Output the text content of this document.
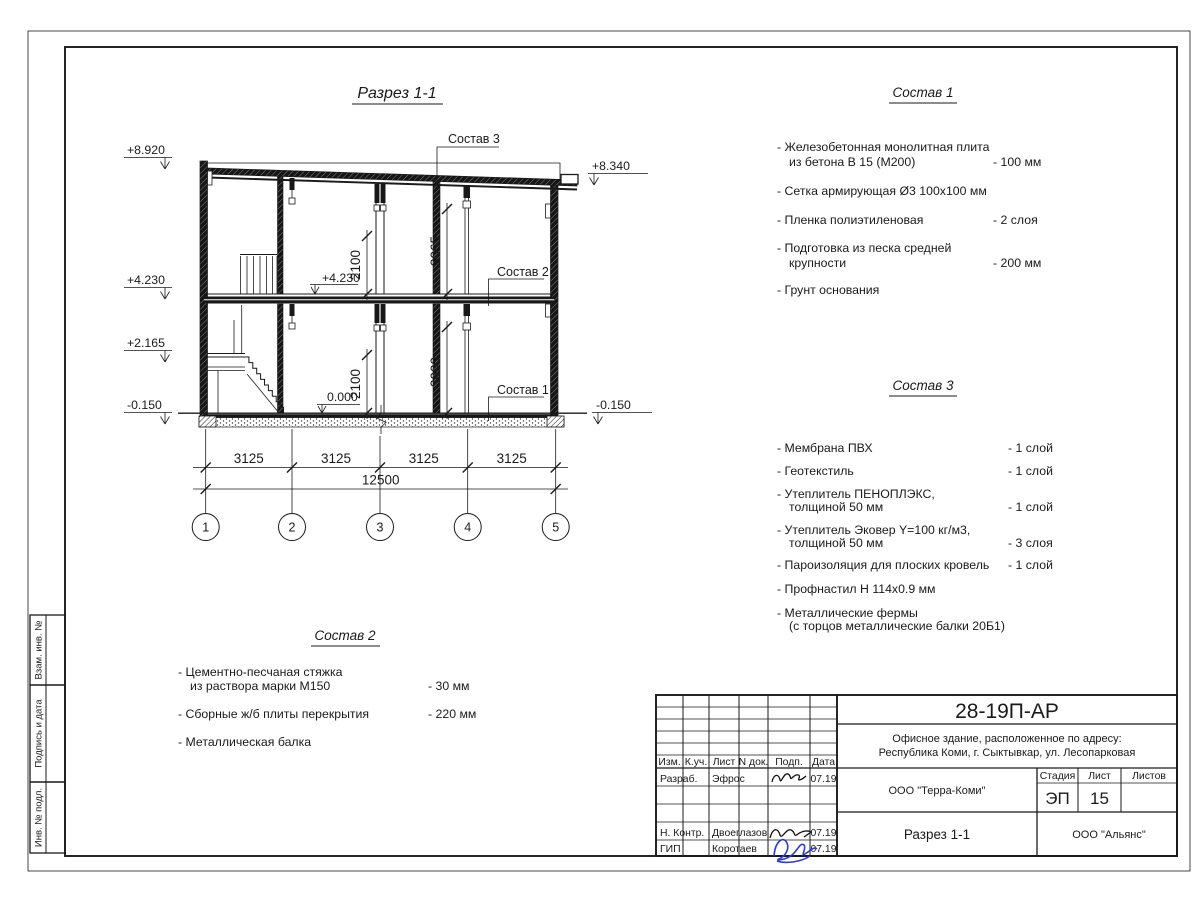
Взам. инв. №
Подпись и дата
Инв. № подл.
Разрез 1-1
2100	3065
2100	3000
+8.920
+4.230
+2.165
-0.150
+8.340
-0.150
+4.230
0.000
Состав 3
Состав 2
Состав 1
3125	3125	3125	3125
12500
1	2	3	4	5
Состав 1
- Железобетонная монолитная плита
из бетона В 15 (М200)	- 100 мм
- Сетка армирующая Ø3 100х100 мм
- Пленка полиэтиленовая	- 2 слоя
- Подготовка из песка средней
крупности	- 200 мм
- Грунт основания
Состав 3
- Мембрана ПВХ	- 1 слой
- Геотекстиль	- 1 слой
- Утеплитель ПЕНОПЛЭКС,
толщиной 50 мм	- 1 слой
- Утеплитель Эковер Y=100 кг/м3,
толщиной 50 мм	- 3 слоя
- Пароизоляция для плоских кровель - 1 слой
- Профнастил Н 114х0.9 мм
- Металлические фермы
(с торцов металлические балки 20Б1)
Состав 2
- Цементно-песчаная стяжка
из раствора марки М150	- 30 мм
- Сборные ж/б плиты перекрытия	- 220 мм
- Металлическая балка
Изм. К.уч. Лист N док. Подп. Дата
Разраб. Эфрос	07.19
Н. Контр. Двоеглазов	07.19
ГИП	Коротаев	07.19
28-19П-АР
Офисное здание, расположенное по адресу:
Республика Коми, г. Сыктывкар, ул. Лесопарковая
ООО "Терра-Коми"
Стадия Лист Листов
ЭП 15
Разрез 1-1	ООО "Альянс"
